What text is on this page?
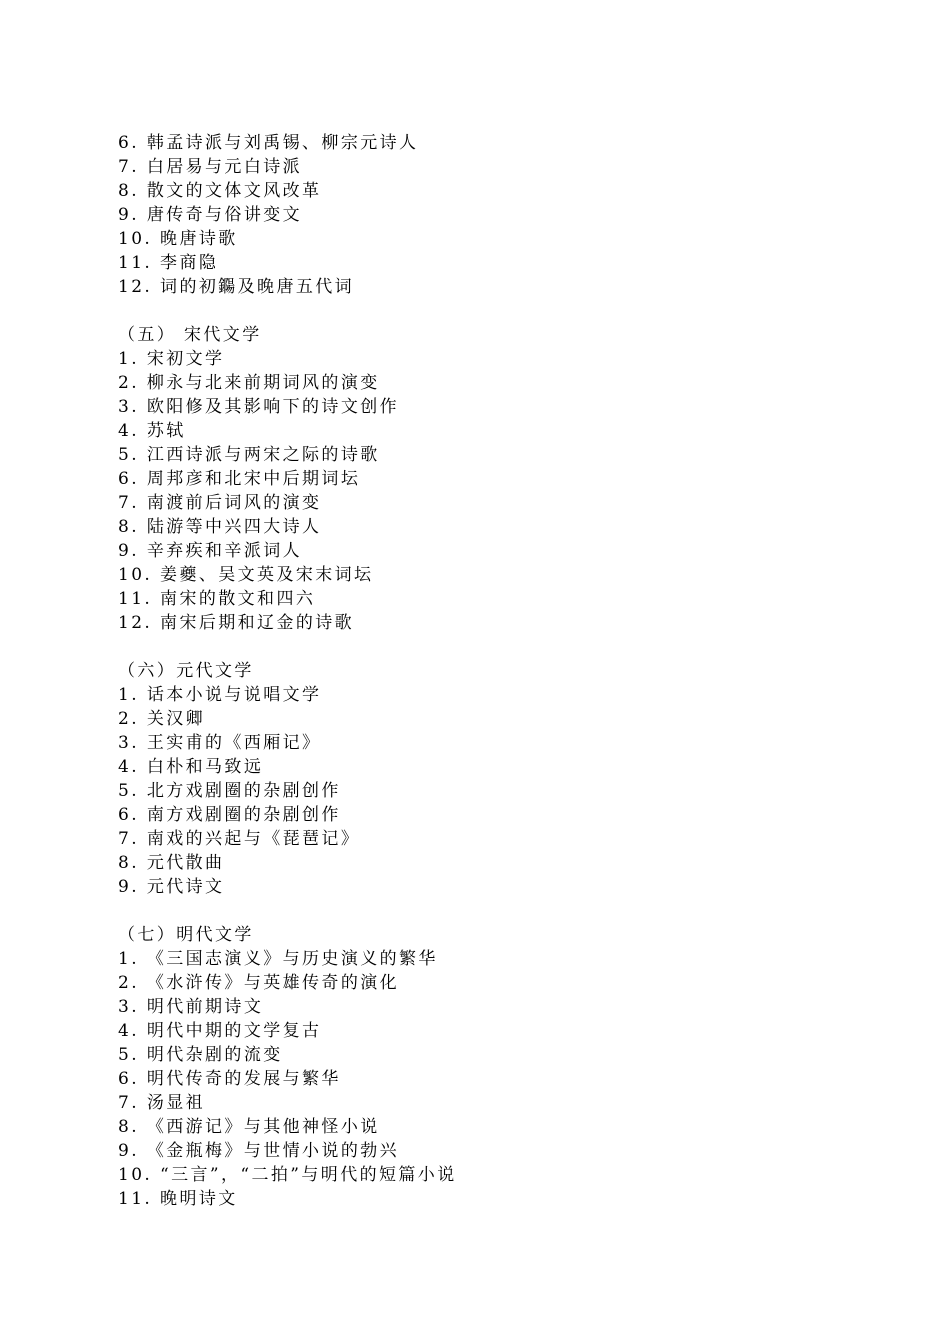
6. 韩孟诗派与刘禹锡、柳宗元诗人
7. 白居易与元白诗派
8. 散文的文体文风改革
9. 唐传奇与俗讲变文
10. 晚唐诗歌
11. 李商隐
12. 词的初鐊及晚唐五代词
（五） 宋代文学
1. 宋初文学
2. 柳永与北来前期词风的演变
3. 欧阳修及其影响下的诗文创作
4. 苏轼
5. 江西诗派与两宋之际的诗歌
6. 周邦彦和北宋中后期词坛
7. 南渡前后词风的演变
8. 陆游等中兴四大诗人
9. 辛弃疾和辛派词人
10. 姜夔、吴文英及宋末词坛
11. 南宋的散文和四六
12. 南宋后期和辽金的诗歌
（六）元代文学
1. 话本小说与说唱文学
2. 关汉卿
3. 王实甫的《西厢记》
4. 白朴和马致远
5. 北方戏剧圈的杂剧创作
6. 南方戏剧圈的杂剧创作
7. 南戏的兴起与《琵琶记》
8. 元代散曲
9. 元代诗文
（七）明代文学
1. 《三国志演义》与历史演义的繁华
2. 《水浒传》与英雄传奇的演化
3. 明代前期诗文
4. 明代中期的文学复古
5. 明代杂剧的流变
6. 明代传奇的发展与繁华
7. 汤显祖
8. 《西游记》与其他神怪小说
9. 《金瓶梅》与世情小说的勃兴
10. “三言”，“二拍”与明代的短篇小说
11. 晚明诗文
